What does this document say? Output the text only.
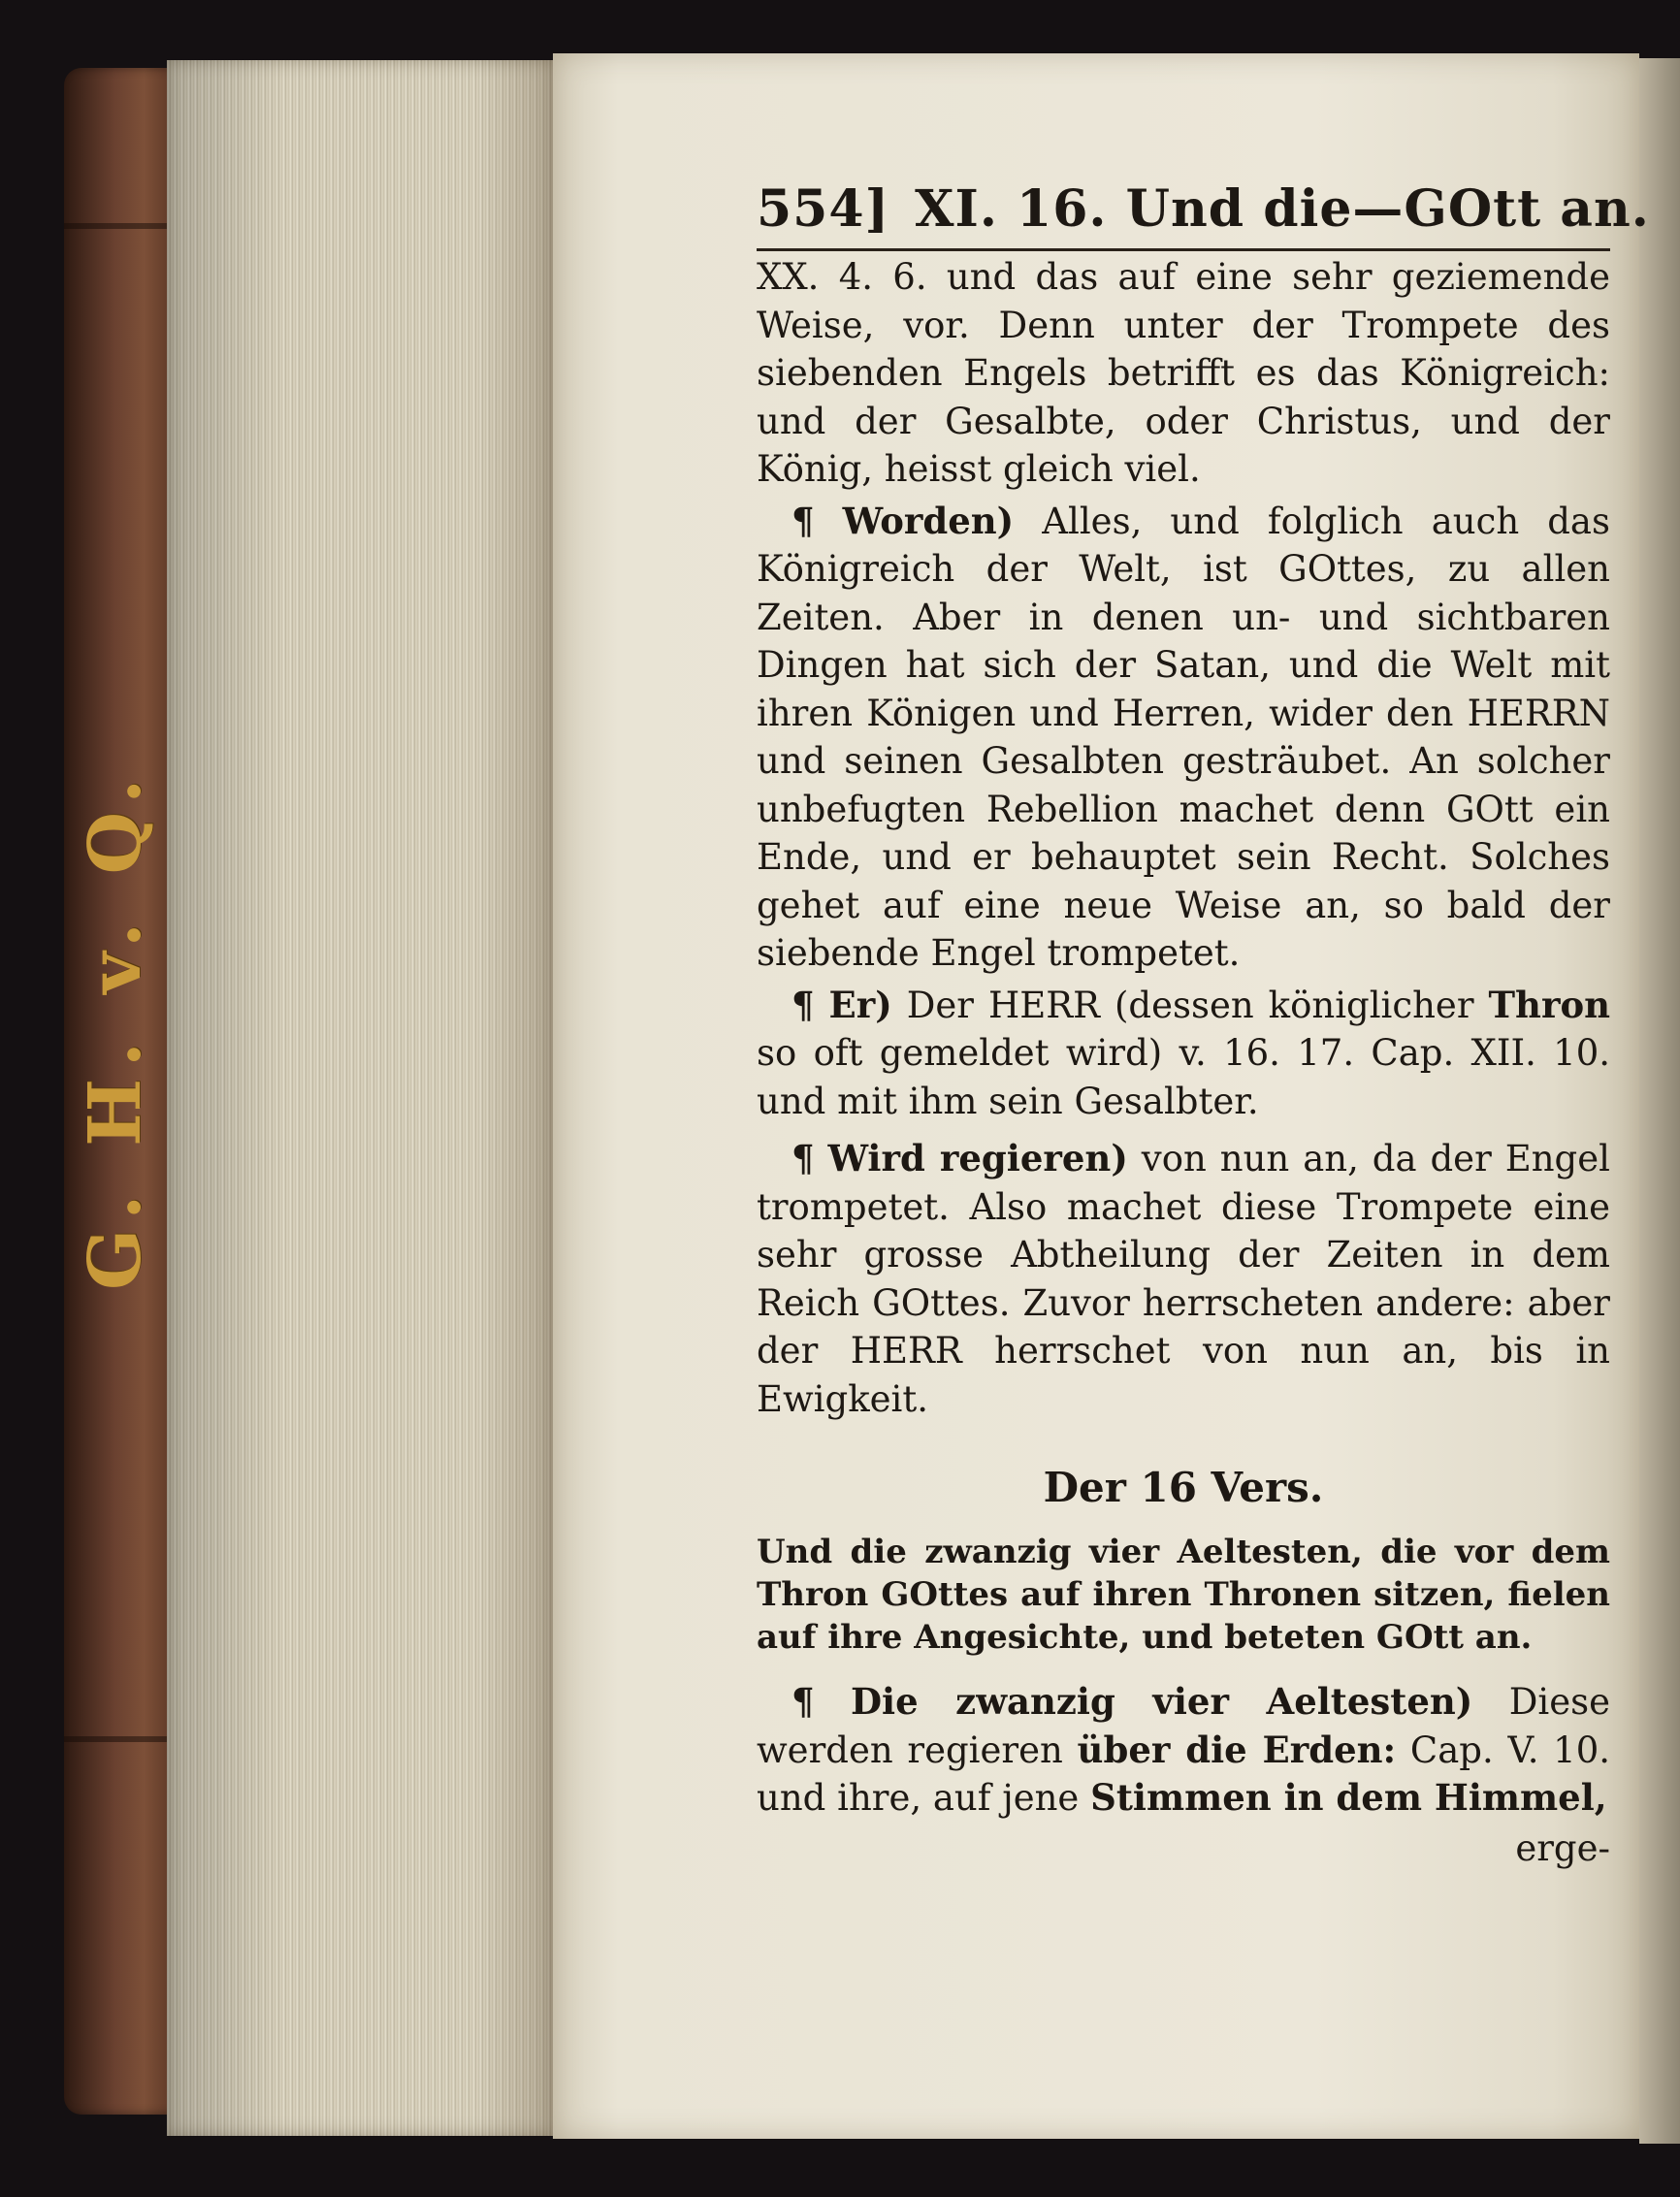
G. H. v. Q.
554] XI. 16. Und die—GOtt an.

XX. 4. 6. und das auf eine sehr geziemende Weise, vor. Denn unter der Trompete des siebenden Engels betrifft es das Königreich: und der Gesalbte, oder Christus, und der König, heisst gleich viel.

¶ Worden) Alles, und folglich auch das Königreich der Welt, ist GOttes, zu allen Zeiten. Aber in denen un- und sichtbaren Dingen hat sich der Satan, und die Welt mit ihren Königen und Herren, wider den HERRN und seinen Gesalbten gesträubet. An solcher unbefugten Rebellion machet denn GOtt ein Ende, und er behauptet sein Recht. Solches gehet auf eine neue Weise an, so bald der siebende Engel trompetet.

¶ Er) Der HERR (dessen königlicher Thron so oft gemeldet wird) v. 16. 17. Cap. XII. 10. und mit ihm sein Gesalbter.

¶ Wird regieren) von nun an, da der Engel trompetet. Also machet diese Trompete eine sehr grosse Abtheilung der Zeiten in dem Reich GOttes. Zuvor herrscheten andere: aber der HERR herrschet von nun an, bis in Ewigkeit.

Der 16 Vers.

Und die zwanzig vier Aeltesten, die vor dem Thron GOttes auf ihren Thronen sitzen, fielen auf ihre Angesichte, und beteten GOtt an.

¶ Die zwanzig vier Aeltesten) Diese werden regieren über die Erden: Cap. V. 10. und ihre, auf jene Stimmen in dem Himmel,

erge-
